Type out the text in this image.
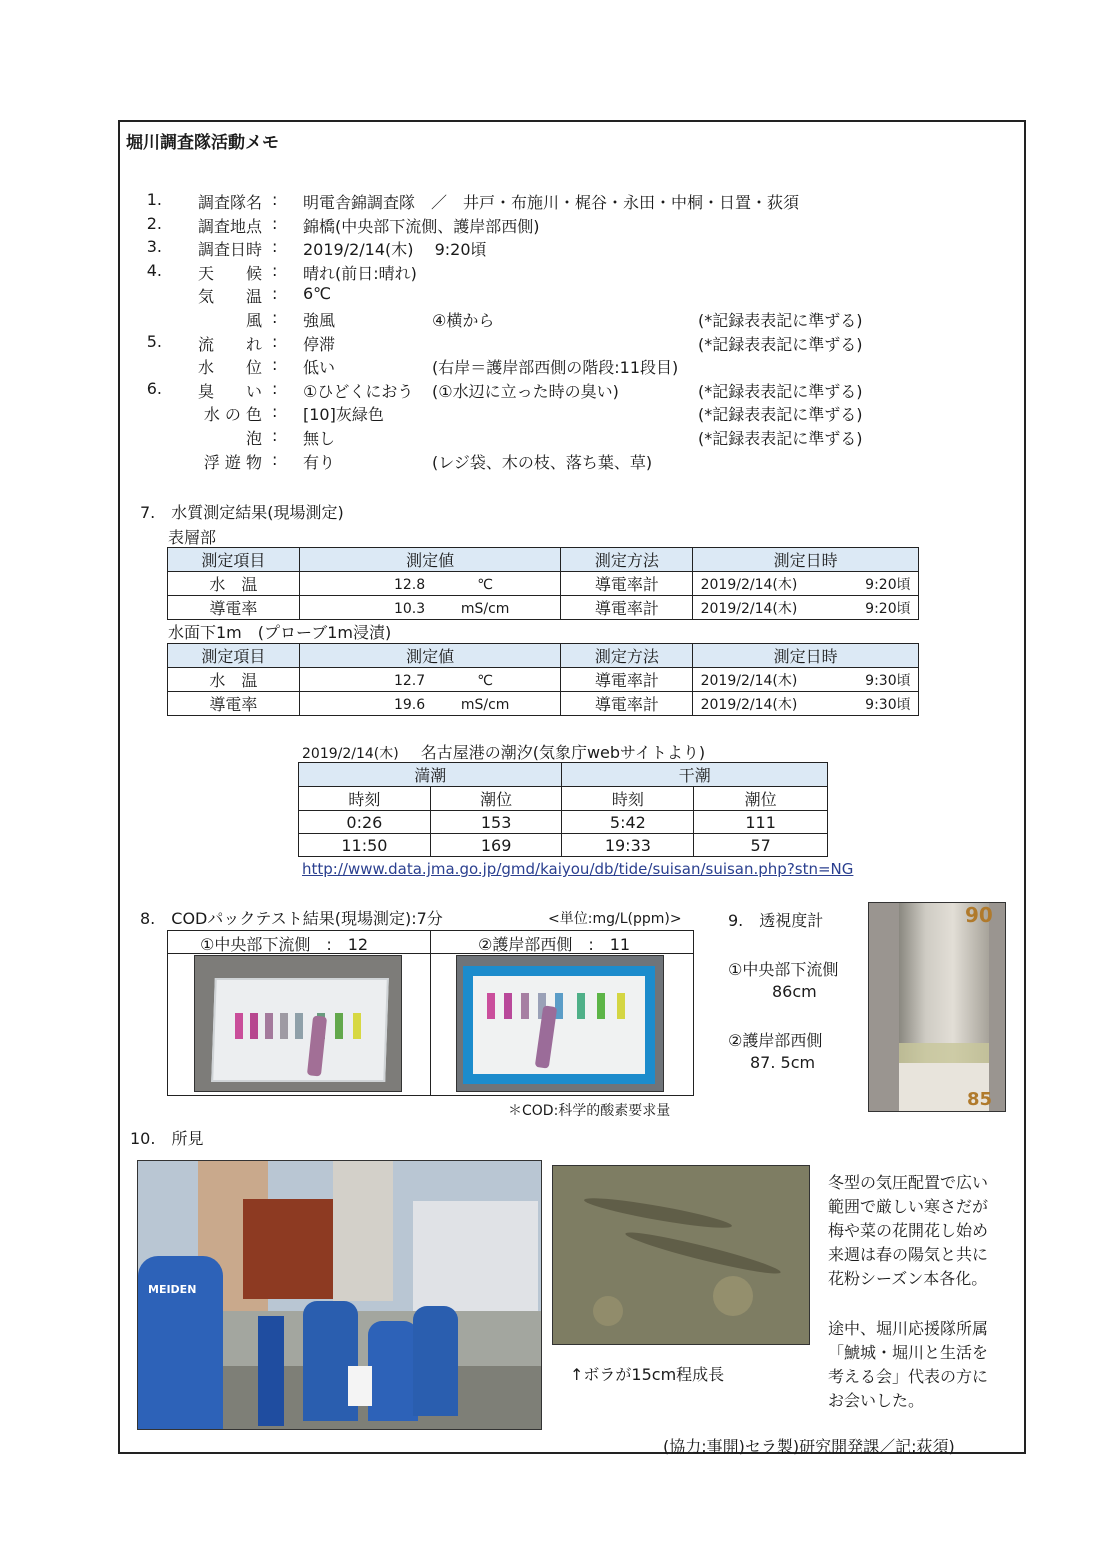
堀川調査隊活動メモ
1.	調査隊名 : 明電舎錦調査隊　／　井戸・布施川・梶谷・永田・中桐・日置・荻須
2.	調査地点 : 錦橋(中央部下流側、護岸部西側)
3.	調査日時 : 2019/2/14(木)　 9:20頃
4.	天　　候 : 晴れ(前日:晴れ)
気　　温 : 6℃
風 : 強風	④横から	(*記録表表記に準ずる)
5.	流　　れ : 停滞	(*記録表表記に準ずる)
水　　位 : 低い	(右岸＝護岸部西側の階段:11段目)
6.	臭　　い : ①ひどくにおう (①水辺に立った時の臭い)	(*記録表表記に準ずる)
水 の 色 : [10]灰緑色	(*記録表表記に準ずる)
泡 : 無し	(*記録表表記に準ずる)
浮 遊 物 : 有り	(レジ袋、木の枝、落ち葉、草)
7.　水質測定結果(現場測定)
表層部
測定項目	測定値	測定方法	測定日時
水　温	12.8 ℃	導電率計	2019/2/14(木) 9:20頃
導電率	10.3 mS/cm	導電率計	2019/2/14(木) 9:20頃
水面下1m　(プローブ1m浸漬)
測定項目	測定値	測定方法	測定日時
水　温	12.7 ℃	導電率計	2019/2/14(木) 9:30頃
導電率	19.6 mS/cm	導電率計	2019/2/14(木) 9:30頃
2019/2/14(木) 名古屋港の潮汐(気象庁webサイトより)
満潮		干潮	
時刻	潮位	時刻	潮位
0:26	153	5:42	111
11:50	169	19:33	57
http://www.data.jma.go.jp/gmd/kaiyou/db/tide/suisan/suisan.php?stn=NG
8.　CODパックテスト結果(現場測定):7分	<単位:mg/L(ppm)>
①中央部下流側　:　12	②護岸部西側　:　11
＊COD:科学的酸素要求量
9.　透視度計
①中央部下流側
86cm
②護岸部西側
87. 5cm
90
85
10.　所見
MEIDEN
↑ボラが15cm程成長
冬型の気圧配置で広い
範囲で厳しい寒さだが
梅や菜の花開花し始め
来週は春の陽気と共に
花粉シーズン本各化。
途中、堀川応援隊所属
「鯱城・堀川と生活を
考える会」代表の方に
お会いした。
(協力:事開)セラ製)研究開発課／記:荻須)
